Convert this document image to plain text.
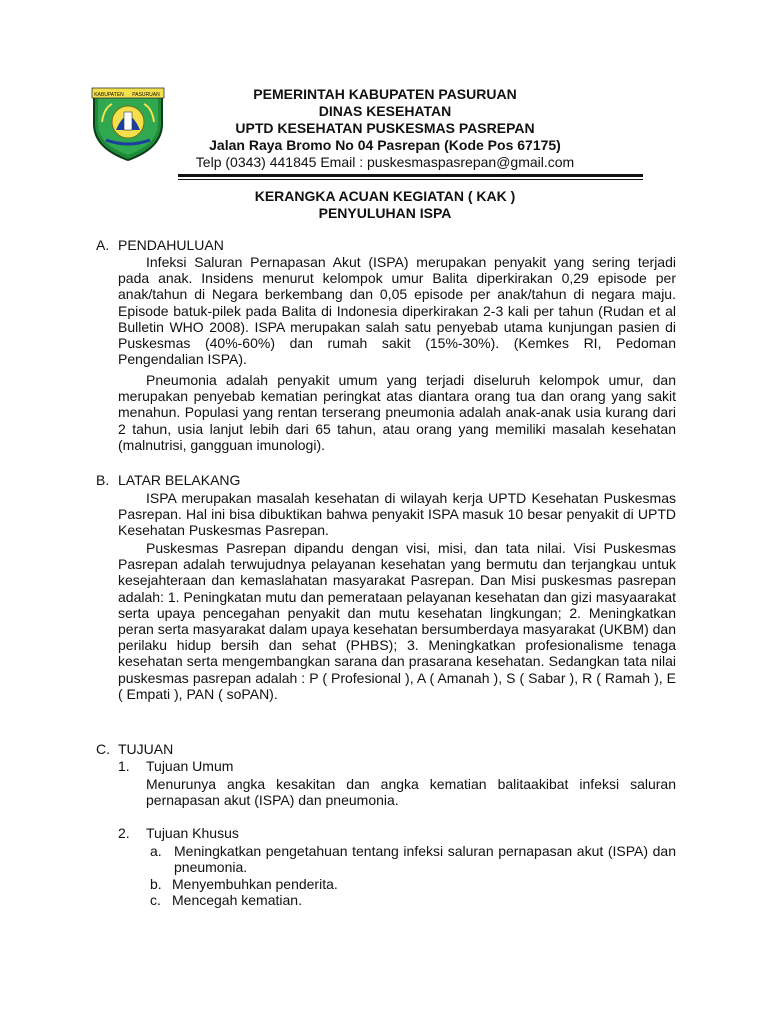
KABUPATEN PASURUAN	PEMERINTAH KABUPATEN PASURUAN
DINAS KESEHATAN
UPTD KESEHATAN PUSKESMAS PASREPAN
Jalan Raya Bromo No 04 Pasrepan (Kode Pos 67175)
Telp (0343) 441845 Email : puskesmaspasrepan@gmail.com
KERANGKA ACUAN KEGIATAN ( KAK )
PENYULUHAN ISPA
A. PENDAHULUAN
Infeksi Saluran Pernapasan Akut (ISPA) merupakan penyakit yang sering terjadi pada anak. Insidens menurut kelompok umur Balita diperkirakan 0,29 episode per anak/tahun di Negara berkembang dan 0,05 episode per anak/tahun di negara maju. Episode batuk-pilek pada Balita di Indonesia diperkirakan 2-3 kali per tahun (Rudan et al Bulletin WHO 2008). ISPA merupakan salah satu penyebab utama kunjungan pasien di Puskesmas (40%-60%) dan rumah sakit (15%-30%). (Kemkes RI, Pedoman Pengendalian ISPA).
Pneumonia adalah penyakit umum yang terjadi diseluruh kelompok umur, dan merupakan penyebab kematian peringkat atas diantara orang tua dan orang yang sakit menahun. Populasi yang rentan terserang pneumonia adalah anak-anak usia kurang dari 2 tahun, usia lanjut lebih dari 65 tahun, atau orang yang memiliki masalah kesehatan (malnutrisi, gangguan imunologi).
B. LATAR BELAKANG
ISPA merupakan masalah kesehatan di wilayah kerja UPTD Kesehatan Puskesmas Pasrepan. Hal ini bisa dibuktikan bahwa penyakit ISPA masuk 10 besar penyakit di UPTD Kesehatan Puskesmas Pasrepan.
Puskesmas Pasrepan dipandu dengan visi, misi, dan tata nilai. Visi Puskesmas Pasrepan adalah terwujudnya pelayanan kesehatan yang bermutu dan terjangkau untuk kesejahteraan dan kemaslahatan masyarakat Pasrepan. Dan Misi puskesmas pasrepan adalah: 1. Peningkatan mutu dan pemerataan pelayanan kesehatan dan gizi masyaarakat serta upaya pencegahan penyakit dan mutu kesehatan lingkungan; 2. Meningkatkan peran serta masyarakat dalam upaya kesehatan bersumberdaya masyarakat (UKBM) dan perilaku hidup bersih dan sehat (PHBS); 3. Meningkatkan profesionalisme tenaga kesehatan serta mengembangkan sarana dan prasarana kesehatan. Sedangkan tata nilai puskesmas pasrepan adalah : P ( Profesional ), A ( Amanah ), S ( Sabar ), R ( Ramah ), E ( Empati ), PAN ( soPAN).
C. TUJUAN
1. Tujuan Umum
Menurunya angka kesakitan dan angka kematian balitaakibat infeksi saluran pernapasan akut (ISPA) dan pneumonia.
2. Tujuan Khusus
a. Meningkatkan pengetahuan tentang infeksi saluran pernapasan akut (ISPA) dan pneumonia.
b. Menyembuhkan penderita.
c. Mencegah kematian.
